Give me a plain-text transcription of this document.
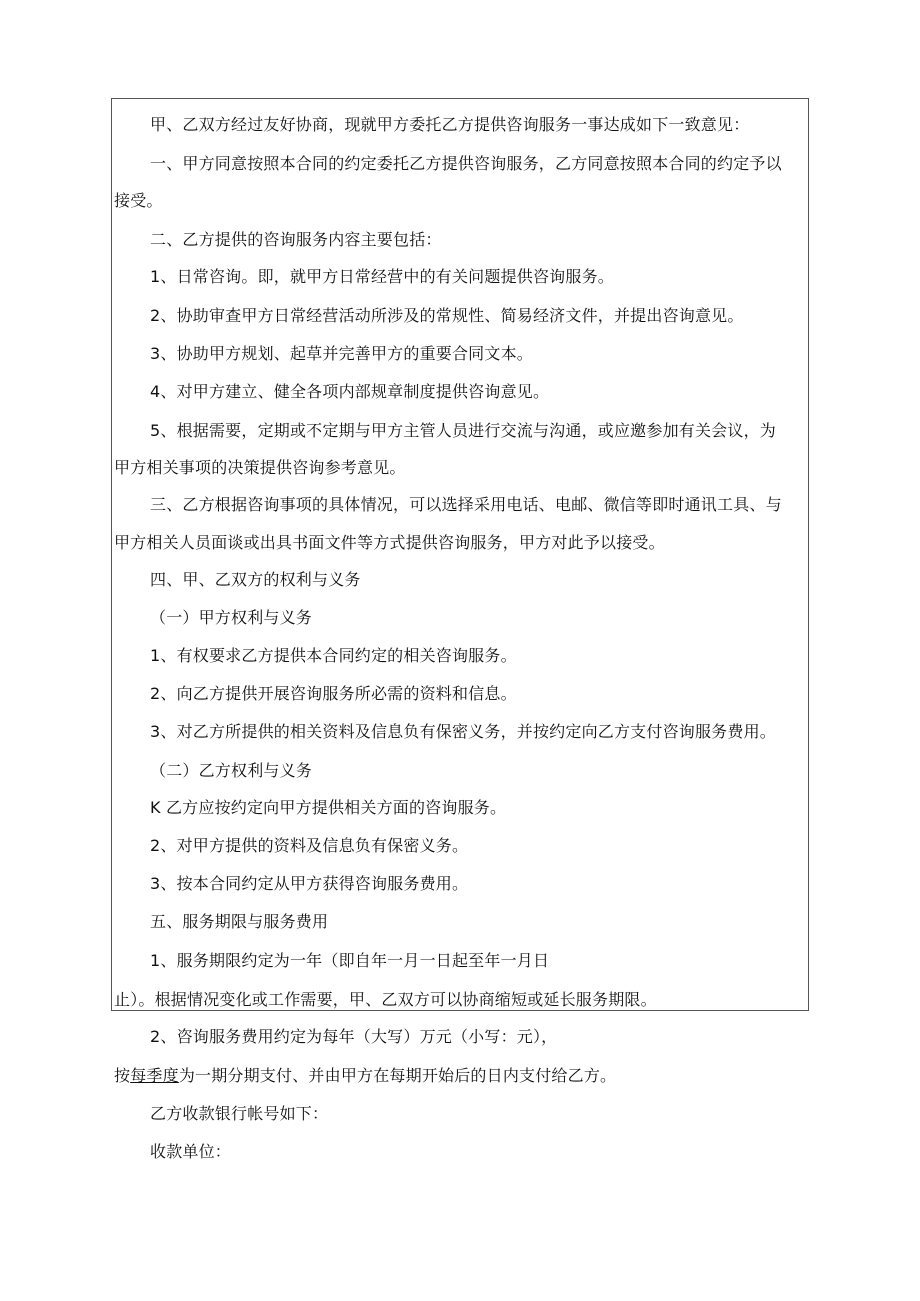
甲、乙双方经过友好协商，现就甲方委托乙方提供咨询服务一事达成如下一致意见：
一、甲方同意按照本合同的约定委托乙方提供咨询服务，乙方同意按照本合同的约定予以
接受。
二、乙方提供的咨询服务内容主要包括：
1、日常咨询。即，就甲方日常经营中的有关问题提供咨询服务。
2、协助审查甲方日常经营活动所涉及的常规性、简易经济文件，并提出咨询意见。
3、协助甲方规划、起草并完善甲方的重要合同文本。
4、对甲方建立、健全各项内部规章制度提供咨询意见。
5、根据需要，定期或不定期与甲方主管人员进行交流与沟通，或应邀参加有关会议，为
甲方相关事项的决策提供咨询参考意见。
三、乙方根据咨询事项的具体情况，可以选择采用电话、电邮、微信等即时通讯工具、与
甲方相关人员面谈或出具书面文件等方式提供咨询服务，甲方对此予以接受。
四、甲、乙双方的权利与义务
（一）甲方权利与义务
1、有权要求乙方提供本合同约定的相关咨询服务。
2、向乙方提供开展咨询服务所必需的资料和信息。
3、对乙方所提供的相关资料及信息负有保密义务，并按约定向乙方支付咨询服务费用。
（二）乙方权利与义务
K 乙方应按约定向甲方提供相关方面的咨询服务。
2、对甲方提供的资料及信息负有保密义务。
3、按本合同约定从甲方获得咨询服务费用。
五、服务期限与服务费用
1、服务期限约定为一年（即自年一月一日起至年一月日
止）。根据情况变化或工作需要，甲、乙双方可以协商缩短或延长服务期限。
2、咨询服务费用约定为每年（大写）万元（小写：元），
按每季度为一期分期支付、并由甲方在每期开始后的日内支付给乙方。
乙方收款银行帐号如下：
收款单位：
